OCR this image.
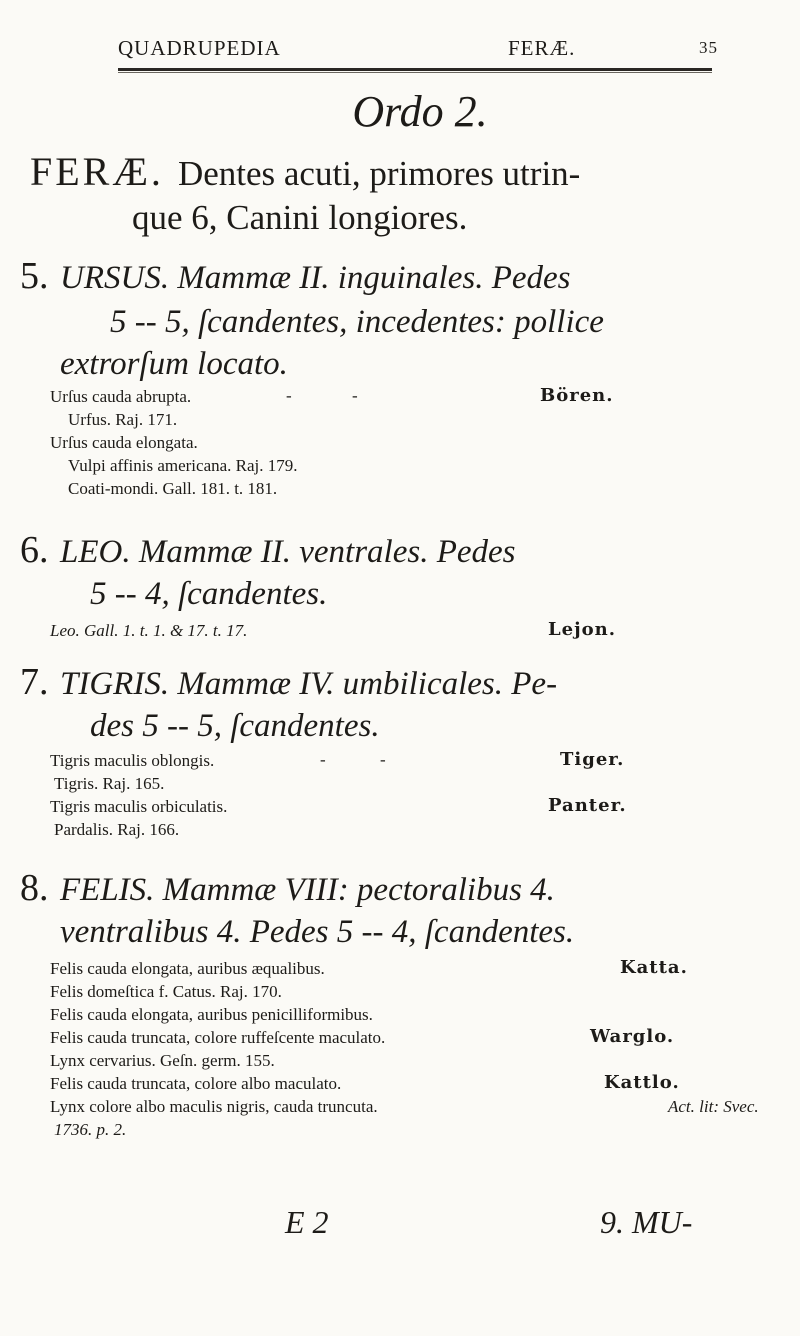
QUADRUPEDIA	FERÆ.	35
Ordo 2.
FERÆ. Dentes acuti, primores utrin-
que 6, Canini longiores.
5. URSUS. Mammæ II. inguinales. Pedes
5 -- 5, ſcandentes, incedentes: pollice
extrorſum locato.
Urſus cauda abrupta.	-	-	Bören.
Urfus. Raj. 171.
Urſus cauda elongata.
Vulpi affinis americana. Raj. 179.
Coati-mondi. Gall. 181. t. 181.
6. LEO. Mammæ II. ventrales. Pedes
5 -- 4, ſcandentes.
Leo. Gall. 1. t. 1. & 17. t. 17.	Lejon.
7. TIGRIS. Mammæ IV. umbilicales. Pe-
des 5 -- 5, ſcandentes.
Tigris maculis oblongis.	-	-	Tiger.
Tigris. Raj. 165.
Tigris maculis orbiculatis.	Panter.
Pardalis. Raj. 166.
8. FELIS. Mammæ VIII: pectoralibus 4.
ventralibus 4. Pedes 5 -- 4, ſcandentes.
Felis cauda elongata, auribus æqualibus.	Katta.
Felis domeſtica f. Catus. Raj. 170.
Felis cauda elongata, auribus penicilliformibus.
Felis cauda truncata, colore ruffeſcente maculato.	Warglo.
Lynx cervarius. Geſn. germ. 155.
Felis cauda truncata, colore albo maculato.	Kattlo.
Lynx colore albo maculis nigris, cauda truncuta.	Act. lit: Svec.
1736. p. 2.
E 2	9. MU-
